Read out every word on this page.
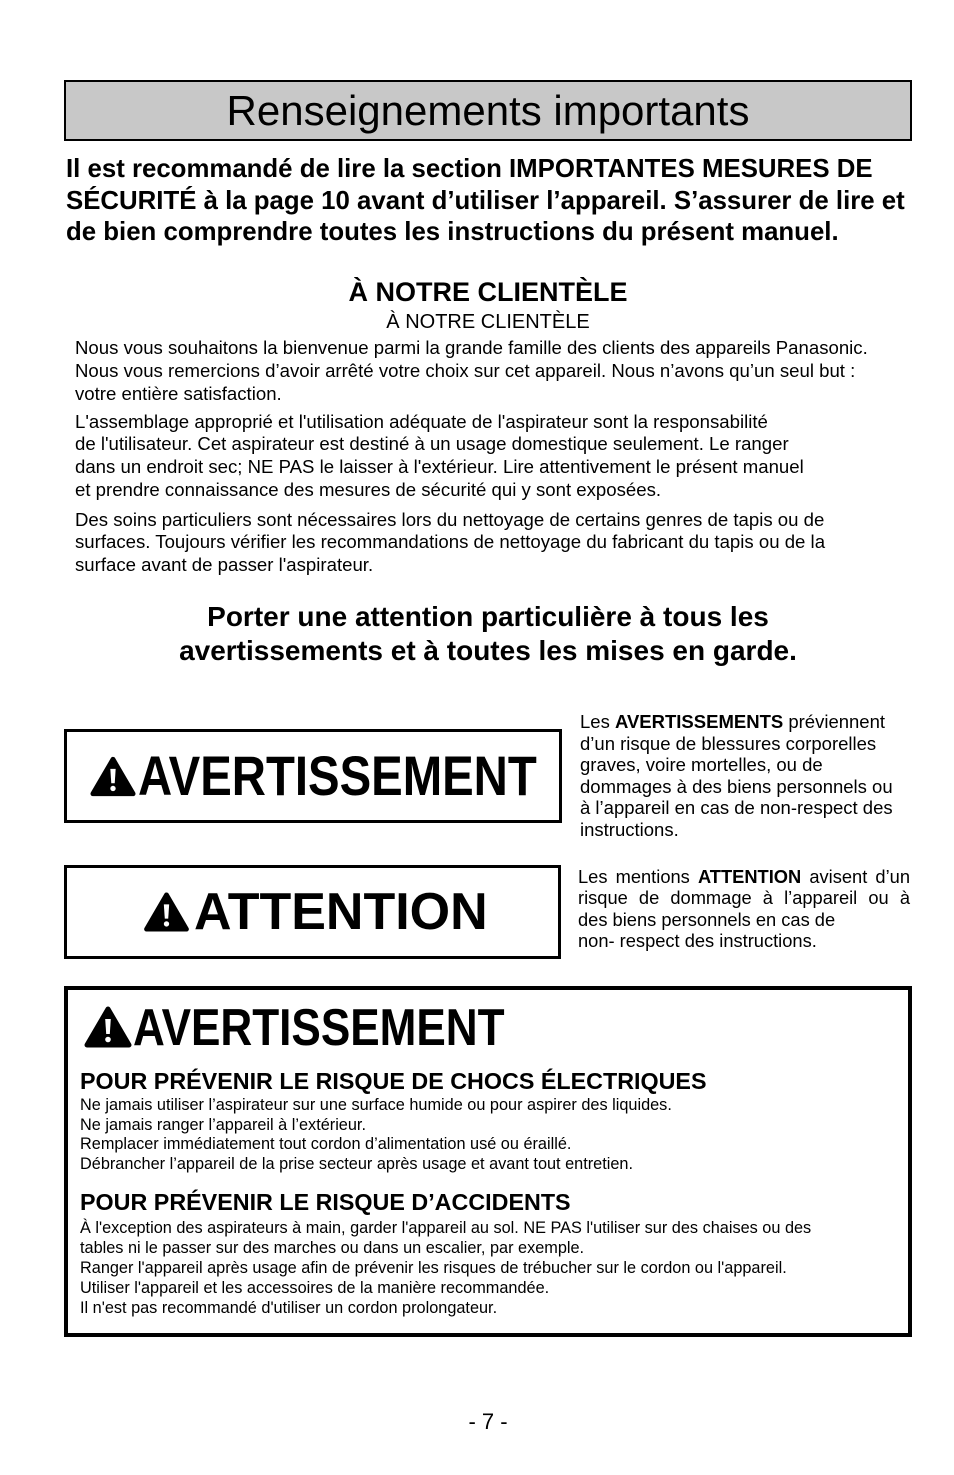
Renseignements importants
Il est recommandé de lire la section IMPORTANTES MESURES DE
SÉCURITÉ à la page 10 avant d’utiliser l’appareil. S’assurer de lire et
de bien comprendre toutes les instructions du présent manuel.
À NOTRE CLIENTÈLE
À NOTRE CLIENTÈLE
Nous vous souhaitons la bienvenue parmi la grande famille des clients des appareils Panasonic.
Nous vous remercions d’avoir arrêté votre choix sur cet appareil. Nous n’avons qu’un seul but :
votre entière satisfaction.
L'assemblage approprié et l'utilisation adéquate de l'aspirateur sont la responsabilité
de l'utilisateur. Cet aspirateur est destiné à un usage domestique seulement. Le ranger
dans un endroit sec; NE PAS le laisser à l'extérieur. Lire attentivement le présent manuel
et prendre connaissance des mesures de sécurité qui y sont exposées.
Des soins particuliers sont nécessaires lors du nettoyage de certains genres de tapis ou de
surfaces. Toujours vérifier les recommandations de nettoyage du fabricant du tapis ou de la
surface avant de passer l'aspirateur.
Porter une attention particulière à tous les
avertissements et à toutes les mises en garde.
AVERTISSEMENT
Les AVERTISSEMENTS préviennent
d’un risque de blessures corporelles
graves, voire mortelles, ou de
dommages à des biens personnels ou
à l’appareil en cas de non-respect des
instructions.
ATTENTION
Les mentions ATTENTION avisent d’un
risque de dommage à l’appareil ou à
des biens personnels en cas de
non- respect des instructions.
AVERTISSEMENT
POUR PRÉVENIR LE RISQUE DE CHOCS ÉLECTRIQUES
Ne jamais utiliser l’aspirateur sur une surface humide ou pour aspirer des liquides.
Ne jamais ranger l’appareil à l’extérieur.
Remplacer immédiatement tout cordon d’alimentation usé ou éraillé.
Débrancher l’appareil de la prise secteur après usage et avant tout entretien.
POUR PRÉVENIR LE RISQUE D’ACCIDENTS
À l'exception des aspirateurs à main, garder l'appareil au sol. NE PAS l'utiliser sur des chaises ou des
tables ni le passer sur des marches ou dans un escalier, par exemple.
Ranger l'appareil après usage afin de prévenir les risques de trébucher sur le cordon ou l'appareil.
Utiliser l'appareil et les accessoires de la manière recommandée.
Il n'est pas recommandé d'utiliser un cordon prolongateur.
- 7 -
